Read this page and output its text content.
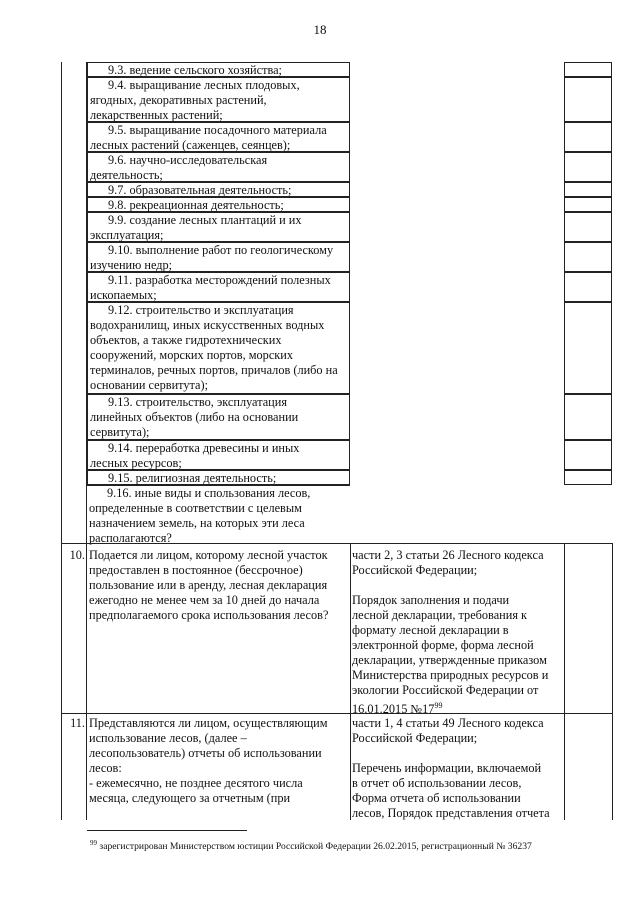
18
9.3. ведение сельского хозяйства;
9.4. выращивание лесных плодовых,
ягодных, декоративных растений,
лекарственных растений;
9.5. выращивание посадочного материала
лесных растений (саженцев, сеянцев);
9.6. научно-исследовательская
деятельность;
9.7. образовательная деятельность;
9.8. рекреационная деятельность;
9.9. создание лесных плантаций и их
эксплуатация;
9.10. выполнение работ по геологическому
изучению недр;
9.11. разработка месторождений полезных
ископаемых;
9.12. строительство и эксплуатация
водохранилищ, иных искусственных водных
объектов, а также гидротехнических
сооружений, морских портов, морских
терминалов, речных портов, причалов (либо на
основании сервитута);
9.13. строительство, эксплуатация
линейных объектов (либо на основании
сервитута);
9.14. переработка древесины и иных
лесных ресурсов;
9.15. религиозная деятельность;
9.16. иные виды и спользования лесов,
определенные в соответствии с целевым
назначением земель, на которых эти леса
располагаются?
10. Подается ли лицом, которому лесной участок
предоставлен в постоянное (бессрочное)
пользование или в аренду, лесная декларация
ежегодно не менее чем за 10 дней до начала
предполагаемого срока использования лесов?
части 2, 3 статьи 26 Лесного кодекса
Российской Федерации;

Порядок заполнения и подачи
лесной декларации, требования к
формату лесной декларации в
электронной форме, форма лесной
декларации, утвержденные приказом
Министерства природных ресурсов и
экологии Российской Федерации от
16.01.2015 $№17^{99}$
11. Представляются ли лицом, осуществляющим
использование лесов, (далее –
лесопользователь) отчеты об использовании
лесов:
- ежемесячно, не позднее десятого числа
месяца, следующего за отчетным (при
части 1, 4 статьи 49 Лесного кодекса
Российской Федерации;

Перечень информации, включаемой
в отчет об использовании лесов,
Форма отчета об использовании
лесов, Порядок представления отчета
$^{99}$ зарегистрирован Министерством юстиции Российской Федерации 26.02.2015, регистрационный № 36237
